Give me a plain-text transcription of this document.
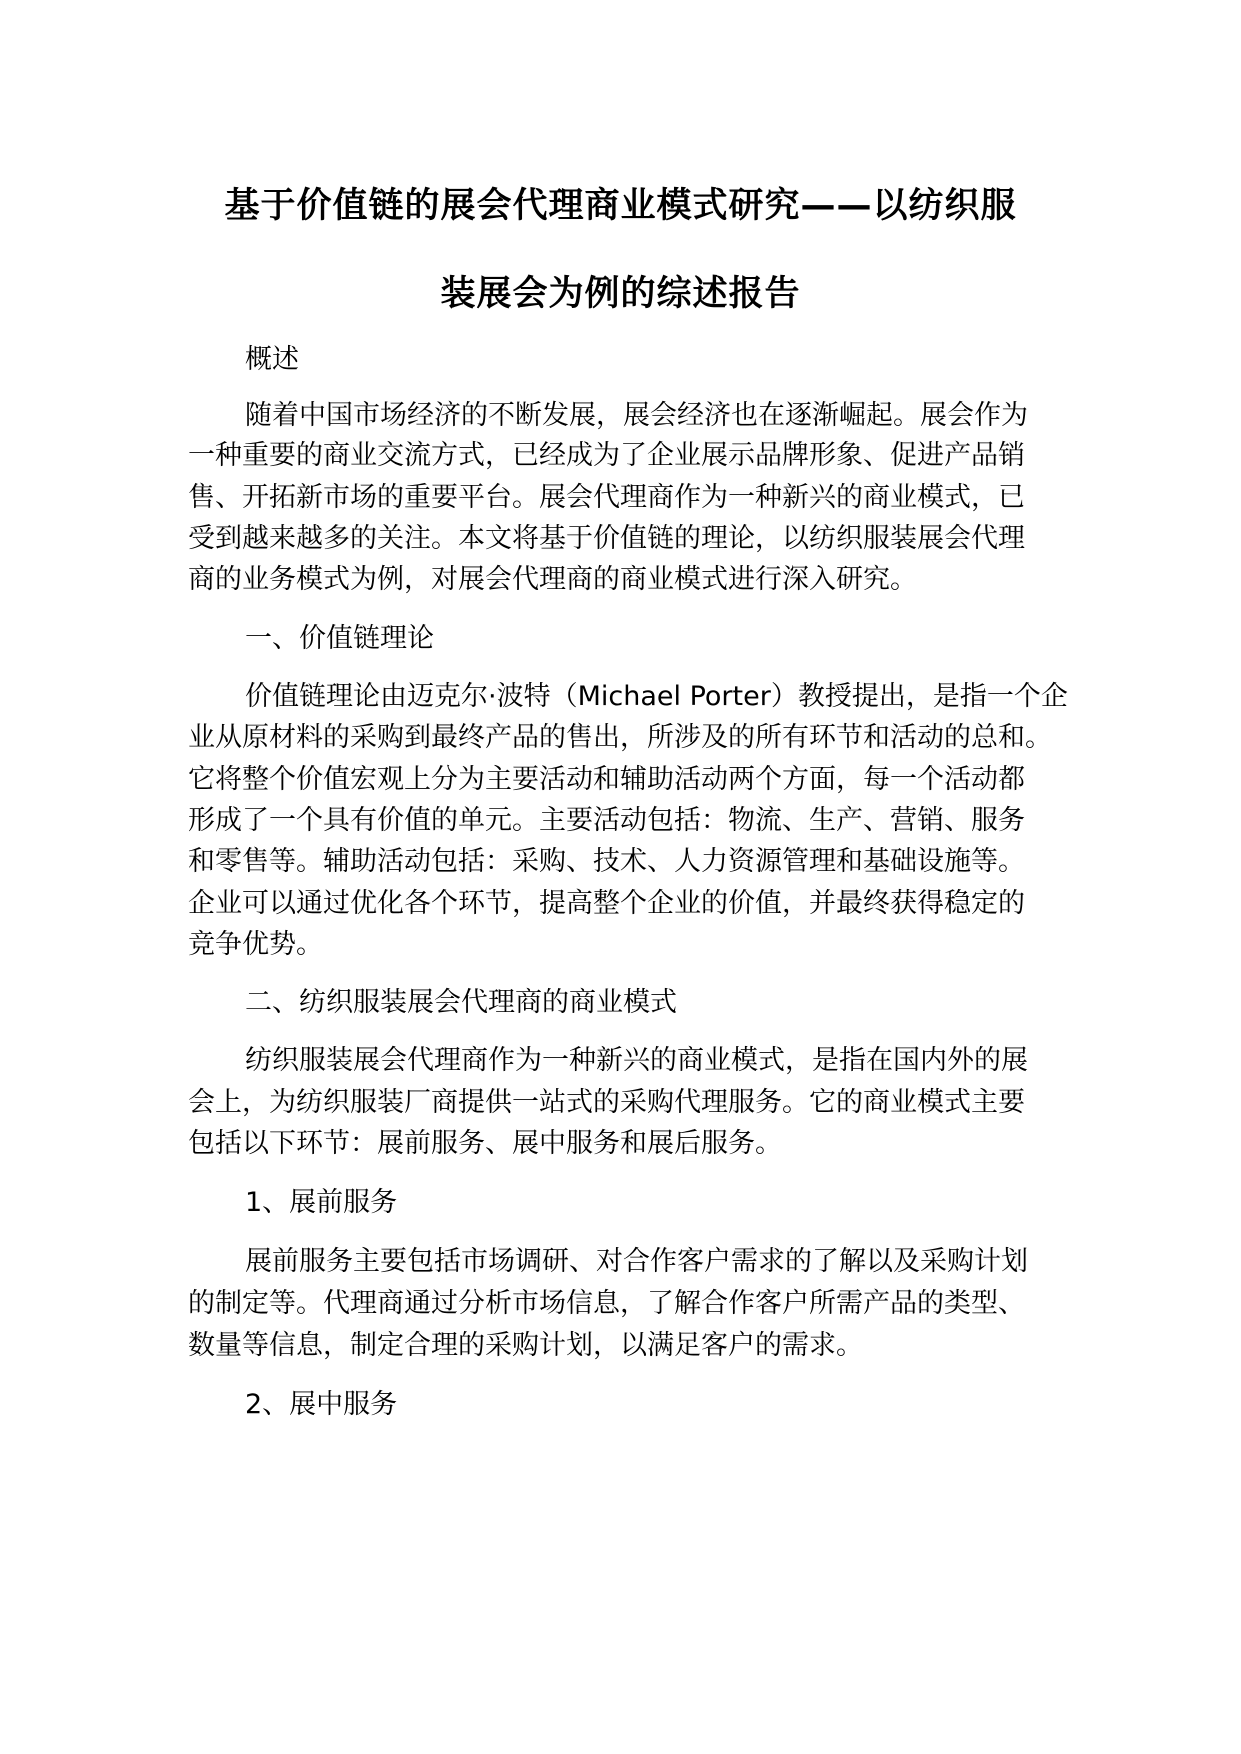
基于价值链的展会代理商业模式研究——以纺织服
装展会为例的综述报告
概述
随着中国市场经济的不断发展，展会经济也在逐渐崛起。展会作为
一种重要的商业交流方式，已经成为了企业展示品牌形象、促进产品销
售、开拓新市场的重要平台。展会代理商作为一种新兴的商业模式，已
受到越来越多的关注。本文将基于价值链的理论，以纺织服装展会代理
商的业务模式为例，对展会代理商的商业模式进行深入研究。
一、价值链理论
价值链理论由迈克尔·波特（Michael Porter）教授提出，是指一个企
业从原材料的采购到最终产品的售出，所涉及的所有环节和活动的总和。
它将整个价值宏观上分为主要活动和辅助活动两个方面，每一个活动都
形成了一个具有价值的单元。主要活动包括：物流、生产、营销、服务
和零售等。辅助活动包括：采购、技术、人力资源管理和基础设施等。
企业可以通过优化各个环节，提高整个企业的价值，并最终获得稳定的
竞争优势。
二、纺织服装展会代理商的商业模式
纺织服装展会代理商作为一种新兴的商业模式，是指在国内外的展
会上，为纺织服装厂商提供一站式的采购代理服务。它的商业模式主要
包括以下环节：展前服务、展中服务和展后服务。
1、展前服务
展前服务主要包括市场调研、对合作客户需求的了解以及采购计划
的制定等。代理商通过分析市场信息，了解合作客户所需产品的类型、
数量等信息，制定合理的采购计划，以满足客户的需求。
2、展中服务
